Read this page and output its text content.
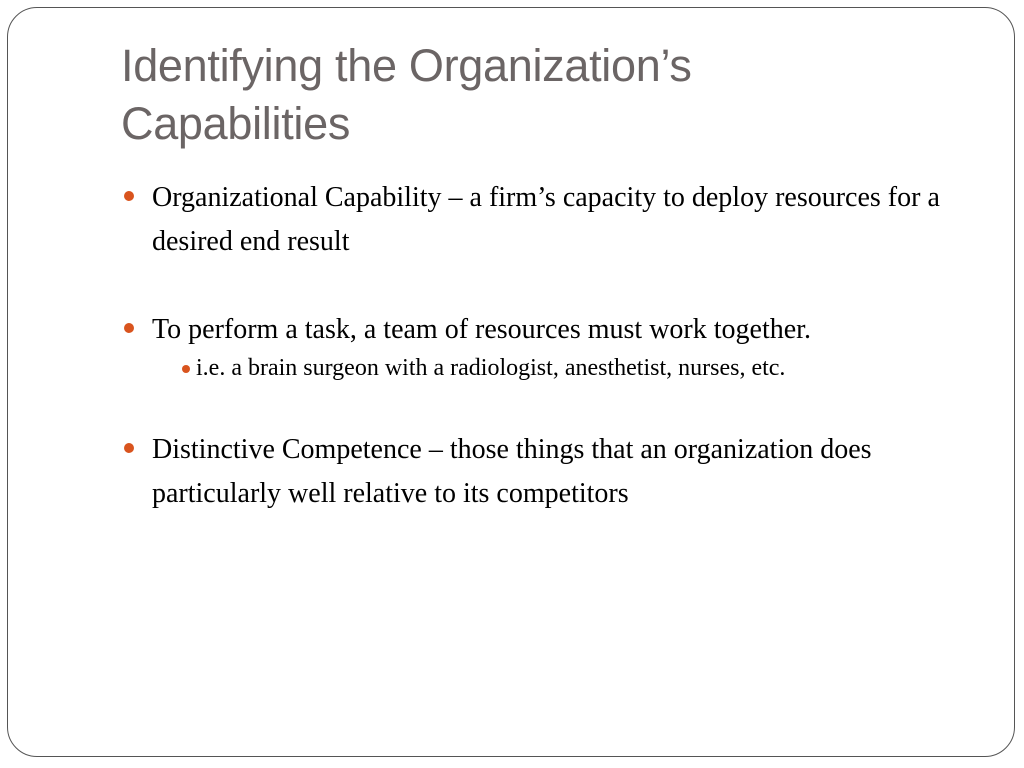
Identifying the Organization’s
Capabilities
Organizational Capability – a firm’s capacity to deploy resources for a desired end result
To perform a task, a team of resources must work together.
i.e. a brain surgeon with a radiologist, anesthetist, nurses, etc.
Distinctive Competence – those things that an organization does particularly well relative to its competitors
